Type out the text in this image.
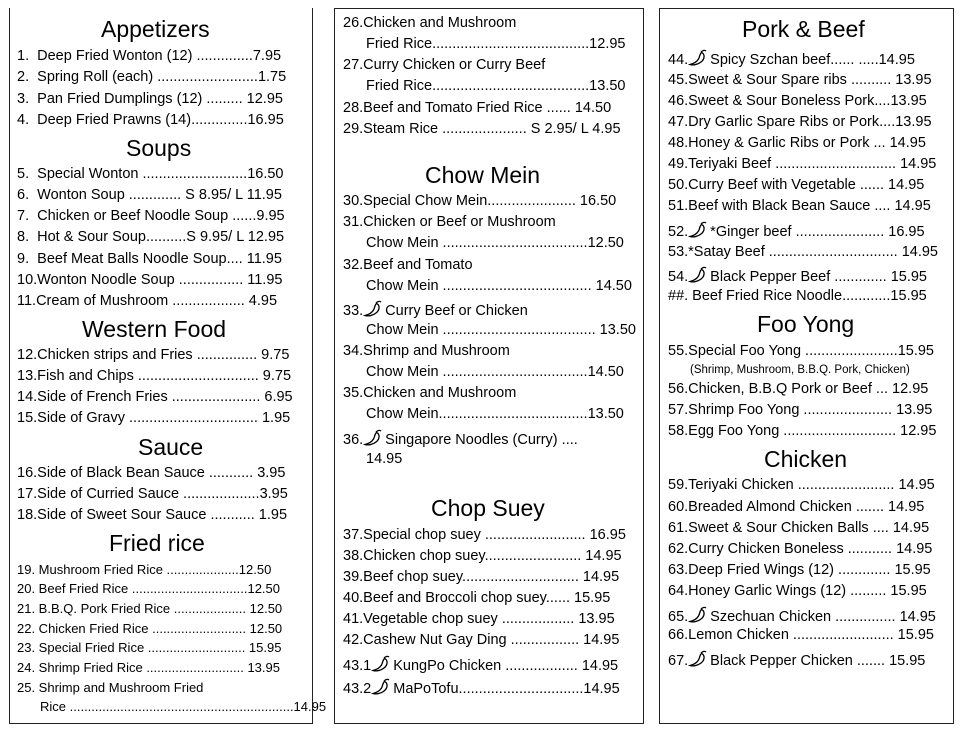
Appetizers
1.  Deep Fried Wonton (12) ..............7.95
2.  Spring Roll (each) .........................1.75
3.  Pan Fried Dumplings (12) ......... 12.95
4.  Deep Fried Prawns (14)..............16.95
Soups
5.  Special Wonton ..........................16.50
6.  Wonton Soup ............. S 8.95/ L 11.95
7.  Chicken or Beef Noodle Soup ......9.95
8.  Hot & Sour Soup..........S 9.95/ L 12.95
9.  Beef Meat Balls Noodle Soup.... 11.95
10.Wonton Noodle Soup ................ 11.95
11.Cream of Mushroom .................. 4.95
Western Food
12.Chicken strips and Fries ............... 9.75
13.Fish and Chips .............................. 9.75
14.Side of French Fries ...................... 6.95
15.Side of Gravy ................................ 1.95
Sauce
16.Side of Black Bean Sauce ........... 3.95
17.Side of Curried Sauce ...................3.95
18.Side of Sweet Sour Sauce ........... 1.95
Fried rice
19. Mushroom Fried Rice ....................12.50
20. Beef Fried Rice ................................12.50
21. B.B.Q. Pork Fried Rice .................... 12.50
22. Chicken Fried Rice .......................... 12.50
23. Special Fried Rice ........................... 15.95
24. Shrimp Fried Rice ........................... 13.95
25. Shrimp and Mushroom Fried
Rice ..............................................................14.95
26.Chicken and Mushroom
Fried Rice.......................................12.95
27.Curry Chicken or Curry Beef
Fried Rice.......................................13.50
28.Beef and Tomato Fried Rice ...... 14.50
29.Steam Rice ..................... S 2.95/ L 4.95
Chow Mein
30.Special Chow Mein...................... 16.50
31.Chicken or Beef or Mushroom
Chow Mein ....................................12.50
32.Beef and Tomato
Chow Mein ..................................... 14.50
33. Curry Beef or Chicken
Chow Mein ...................................... 13.50
34.Shrimp and Mushroom
Chow Mein ....................................14.50
35.Chicken and Mushroom
Chow Mein.....................................13.50
36. Singapore Noodles (Curry) ....
14.95
Chop Suey
37.Special chop suey ......................... 16.95
38.Chicken chop suey........................ 14.95
39.Beef chop suey............................. 14.95
40.Beef and Broccoli chop suey...... 15.95
41.Vegetable chop suey .................. 13.95
42.Cashew Nut Gay Ding ................. 14.95
43.1 KungPo Chicken .................. 14.95
43.2 MaPoTofu...............................14.95
Pork & Beef
44. Spicy Szchan beef...... .....14.95
45.Sweet & Sour Spare ribs .......... 13.95
46.Sweet & Sour Boneless Pork....13.95
47.Dry Garlic Spare Ribs or Pork....13.95
48.Honey & Garlic Ribs or Pork ... 14.95
49.Teriyaki Beef .............................. 14.95
50.Curry Beef with Vegetable ...... 14.95
51.Beef with Black Bean Sauce .... 14.95
52. *Ginger beef ...................... 16.95
53.*Satay Beef ................................ 14.95
54. Black Pepper Beef ............. 15.95
##. Beef Fried Rice Noodle............15.95
Foo Yong
55.Special Foo Yong .......................15.95
(Shrimp, Mushroom, B.B.Q. Pork, Chicken)
56.Chicken, B.B.Q Pork or Beef ... 12.95
57.Shrimp Foo Yong ...................... 13.95
58.Egg Foo Yong ............................ 12.95
Chicken
59.Teriyaki Chicken ........................ 14.95
60.Breaded Almond Chicken ....... 14.95
61.Sweet & Sour Chicken Balls .... 14.95
62.Curry Chicken Boneless ........... 14.95
63.Deep Fried Wings (12) ............. 15.95
64.Honey Garlic Wings (12) ......... 15.95
65. Szechuan Chicken ............... 14.95
66.Lemon Chicken ......................... 15.95
67. Black Pepper Chicken ....... 15.95
